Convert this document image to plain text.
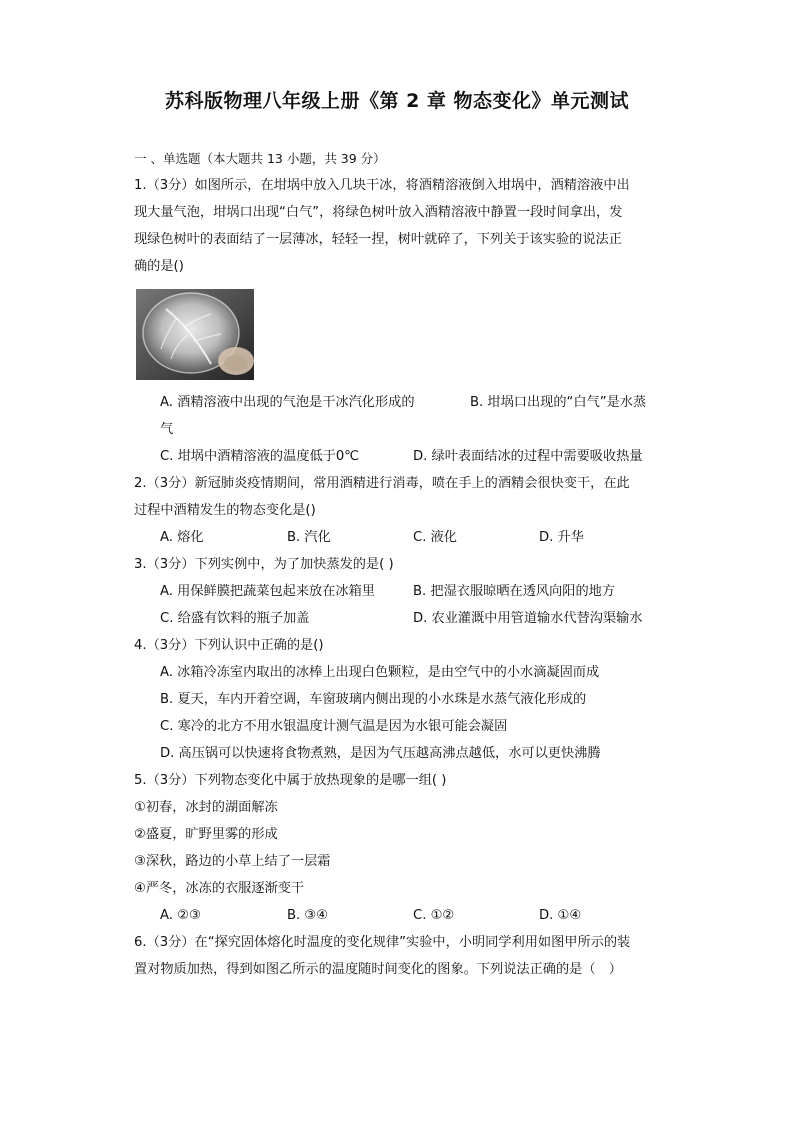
苏科版物理八年级上册《第 2 章 物态变化》单元测试
一 、单选题（本大题共 13 小题，共 39 分）
1.（3分）如图所示，在坩埚中放入几块干冰，将酒精溶液倒入坩埚中，酒精溶液中出
现大量气泡，坩埚口出现“白气”，将绿色树叶放入酒精溶液中静置一段时间拿出，发
现绿色树叶的表面结了一层薄冰，轻轻一捏，树叶就碎了，下列关于该实验的说法正
确的是()
A. 酒精溶液中出现的气泡是干冰汽化形成的	B. 坩埚口出现的“白气”是水蒸
气
C. 坩埚中酒精溶液的温度低于0℃	D. 绿叶表面结冰的过程中需要吸收热量
2.（3分）新冠肺炎疫情期间，常用酒精进行消毒，喷在手上的酒精会很快变干，在此
过程中酒精发生的物态变化是()
A. 熔化	B. 汽化	C. 液化	D. 升华
3.（3分）下列实例中，为了加快蒸发的是( )
A. 用保鲜膜把蔬菜包起来放在冰箱里	B. 把湿衣服晾晒在透风向阳的地方
C. 给盛有饮料的瓶子加盖	D. 农业灌溉中用管道输水代替沟渠输水
4.（3分）下列认识中正确的是()
A. 冰箱冷冻室内取出的冰棒上出现白色颗粒，是由空气中的小水滴凝固而成
B. 夏天，车内开着空调，车窗玻璃内侧出现的小水珠是水蒸气液化形成的
C. 寒冷的北方不用水银温度计测气温是因为水银可能会凝固
D. 高压锅可以快速将食物煮熟，是因为气压越高沸点越低，水可以更快沸腾
5.（3分）下列物态变化中属于放热现象的是哪一组( )
①初春，冰封的湖面解冻
②盛夏，旷野里雾的形成
③深秋，路边的小草上结了一层霜
④严冬，冰冻的衣服逐渐变干
A. ②③	B. ③④	C. ①②	D. ①④
6.（3分）在“探究固体熔化时温度的变化规律”实验中，小明同学利用如图甲所示的装
置对物质加热，得到如图乙所示的温度随时间变化的图象。下列说法正确的是（　）
